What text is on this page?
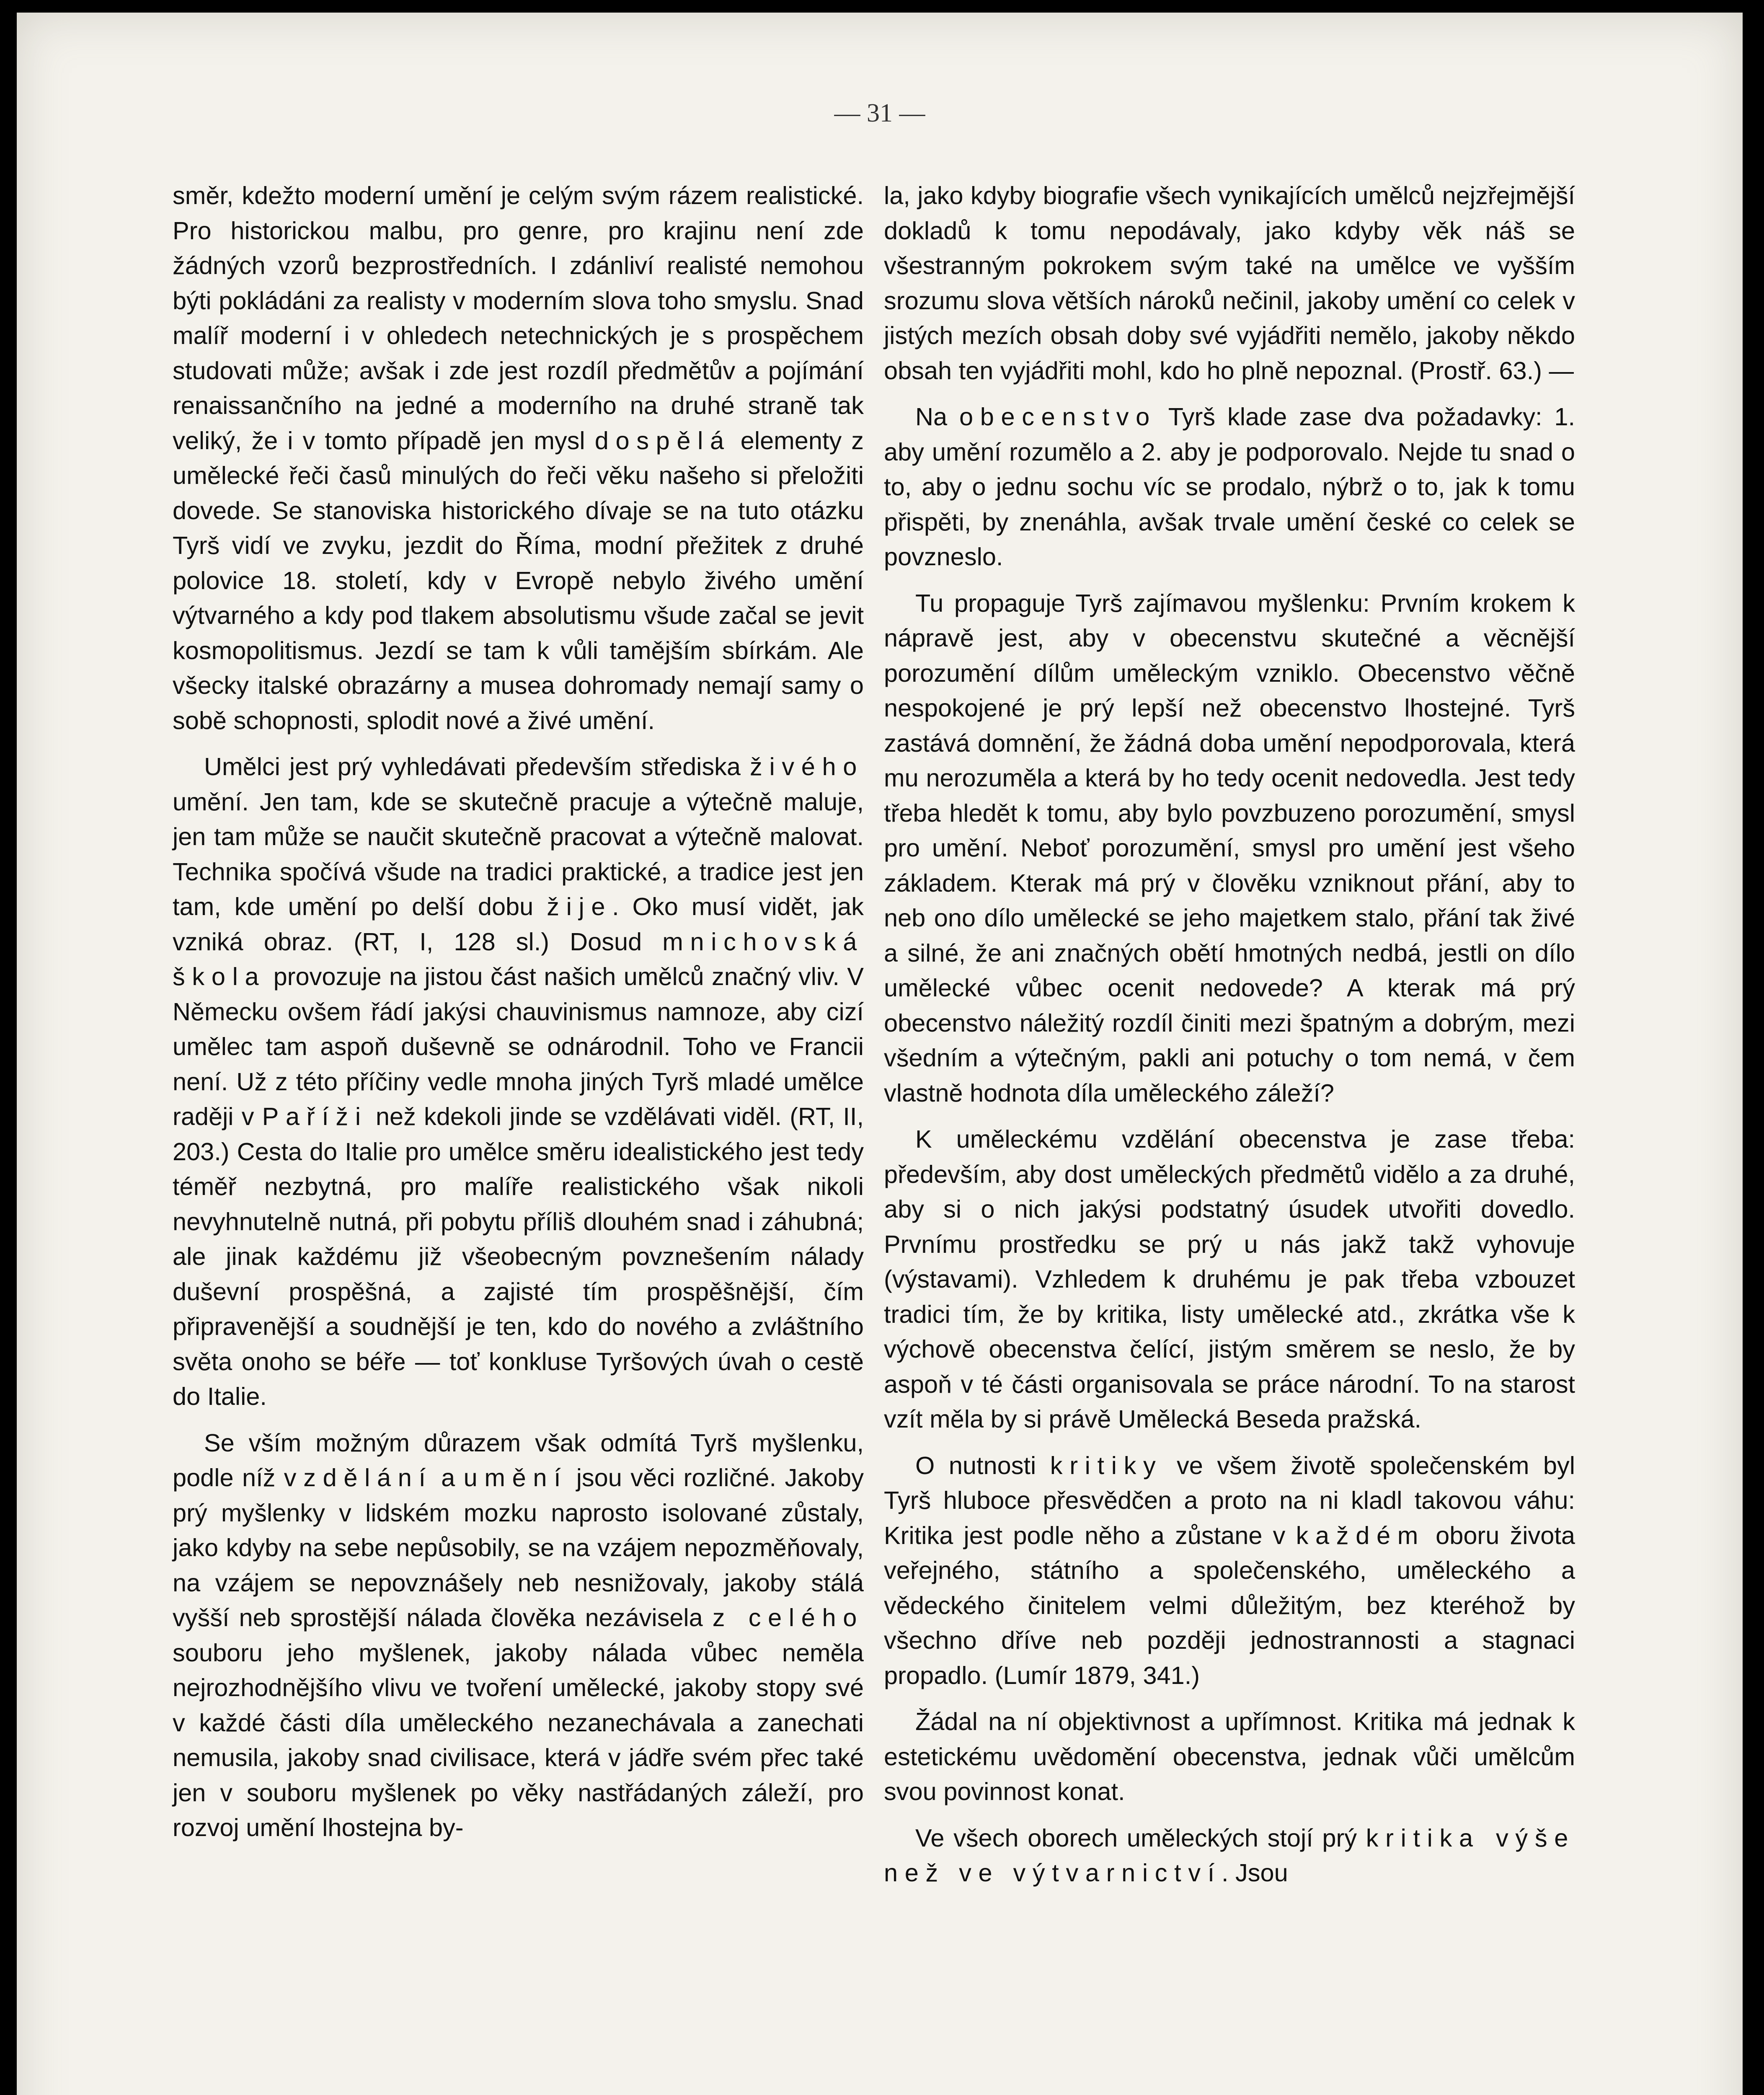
— 31 —

směr, kdežto moderní umění je celým svým rázem realistické. Pro historickou malbu, pro genre, pro krajinu není zde žádných vzorů bezprostředních. I zdánliví realisté nemohou býti pokládáni za realisty v moderním slova toho smyslu. Snad malíř moderní i v ohledech netechnických je s prospěchem studovati může; avšak i zde jest rozdíl předmětův a pojímání renaissančního na jedné a moderního na druhé straně tak veliký, že i v tomto případě jen mysl dospělá elementy z umělecké řeči časů minulých do řeči věku našeho si přeložiti dovede. Se stanoviska historického dívaje se na tuto otázku Tyrš vidí ve zvyku, jezdit do Říma, modní přežitek z druhé polovice 18. století, kdy v Evropě nebylo živého umění výtvarného a kdy pod tlakem absolutismu všude začal se jevit kosmopolitismus. Jezdí se tam k vůli tamějším sbírkám. Ale všecky italské obrazárny a musea dohromady nemají samy o sobě schopnosti, splodit nové a živé umění.

Umělci jest prý vyhledávati především střediska živého umění. Jen tam, kde se skutečně pracuje a výtečně maluje, jen tam může se naučit skutečně pracovat a výtečně malovat. Technika spočívá všude na tradici praktické, a tradice jest jen tam, kde umění po delší dobu žije. Oko musí vidět, jak vzniká obraz. (RT, I, 128 sl.) Dosud mnichovská škola provozuje na jistou část našich umělců značný vliv. V Německu ovšem řádí jakýsi chauvinismus namnoze, aby cizí umělec tam aspoň duševně se odnárodnil. Toho ve Francii není. Už z této příčiny vedle mnoha jiných Tyrš mladé umělce raději v Paříži než kdekoli jinde se vzdělávati viděl. (RT, II, 203.) Cesta do Italie pro umělce směru idealistického jest tedy téměř nezbytná, pro malíře realistického však nikoli nevyhnutelně nutná, při pobytu příliš dlouhém snad i záhubná; ale jinak každému již všeobecným povznešením nálady duševní prospěšná, a zajisté tím prospěšnější, čím připravenější a soudnější je ten, kdo do nového a zvláštního světa onoho se béře — toť konkluse Tyršových úvah o cestě do Italie.

Se vším možným důrazem však odmítá Tyrš myšlenku, podle níž vzdělání a umění jsou věci rozličné. Jakoby prý myšlenky v lidském mozku naprosto isolované zůstaly, jako kdyby na sebe nepůsobily, se na vzájem nepozměňovaly, na vzájem se nepovznášely neb nesnižovaly, jakoby stálá vyšší neb sprostější nálada člověka nezávisela z celého souboru jeho myšlenek, jakoby nálada vůbec neměla nejrozhodnějšího vlivu ve tvoření umělecké, jakoby stopy své v každé části díla uměleckého nezanechávala a zanechati nemusila, jakoby snad civilisace, která v jádře svém přec také jen v souboru myšlenek po věky nastřádaných záleží, pro rozvoj umění lhostejna by-

la, jako kdyby biografie všech vynikajících umělců nejzřejmější dokladů k tomu nepodávaly, jako kdyby věk náš se všestranným pokrokem svým také na umělce ve vyšším srozumu slova větších nároků nečinil, jakoby umění co celek v jistých mezích obsah doby své vyjádřiti nemělo, jakoby někdo obsah ten vyjádřiti mohl, kdo ho plně nepoznal. (Prostř. 63.) —

Na obecenstvo Tyrš klade zase dva požadavky: 1. aby umění rozumělo a 2. aby je podporovalo. Nejde tu snad o to, aby o jednu sochu víc se prodalo, nýbrž o to, jak k tomu přispěti, by znenáhla, avšak trvale umění české co celek se povzneslo.

Tu propaguje Tyrš zajímavou myšlenku: Prvním krokem k nápravě jest, aby v obecenstvu skutečné a věcnější porozumění dílům uměleckým vzniklo. Obecenstvo věčně nespokojené je prý lepší než obecenstvo lhostejné. Tyrš zastává domnění, že žádná doba umění nepodporovala, která mu nerozuměla a která by ho tedy ocenit nedovedla. Jest tedy třeba hledět k tomu, aby bylo povzbuzeno porozumění, smysl pro umění. Neboť porozumění, smysl pro umění jest všeho základem. Kterak má prý v člověku vzniknout přání, aby to neb ono dílo umělecké se jeho majetkem stalo, přání tak živé a silné, že ani značných obětí hmotných nedbá, jestli on dílo umělecké vůbec ocenit nedovede? A kterak má prý obecenstvo náležitý rozdíl činiti mezi špatným a dobrým, mezi všedním a výtečným, pakli ani potuchy o tom nemá, v čem vlastně hodnota díla uměleckého záleží?

K uměleckému vzdělání obecenstva je zase třeba: především, aby dost uměleckých předmětů vidělo a za druhé, aby si o nich jakýsi podstatný úsudek utvořiti dovedlo. Prvnímu prostředku se prý u nás jakž takž vyhovuje (výstavami). Vzhledem k druhému je pak třeba vzbouzet tradici tím, že by kritika, listy umělecké atd., zkrátka vše k výchově obecenstva čelící, jistým směrem se neslo, že by aspoň v té části organisovala se práce národní. To na starost vzít měla by si právě Umělecká Beseda pražská.

O nutnosti kritiky ve všem životě společenském byl Tyrš hluboce přesvědčen a proto na ni kladl takovou váhu: Kritika jest podle něho a zůstane v každém oboru života veřejného, státního a společenského, uměleckého a vědeckého činitelem velmi důležitým, bez kteréhož by všechno dříve neb později jednostrannosti a stagnaci propadlo. (Lumír 1879, 341.)

Žádal na ní objektivnost a upřímnost. Kritika má jednak k estetickému uvědomění obecenstva, jednak vůči umělcům svou povinnost konat.

Ve všech oborech uměleckých stojí prý kritika výše než ve výtvarnictví. Jsou
